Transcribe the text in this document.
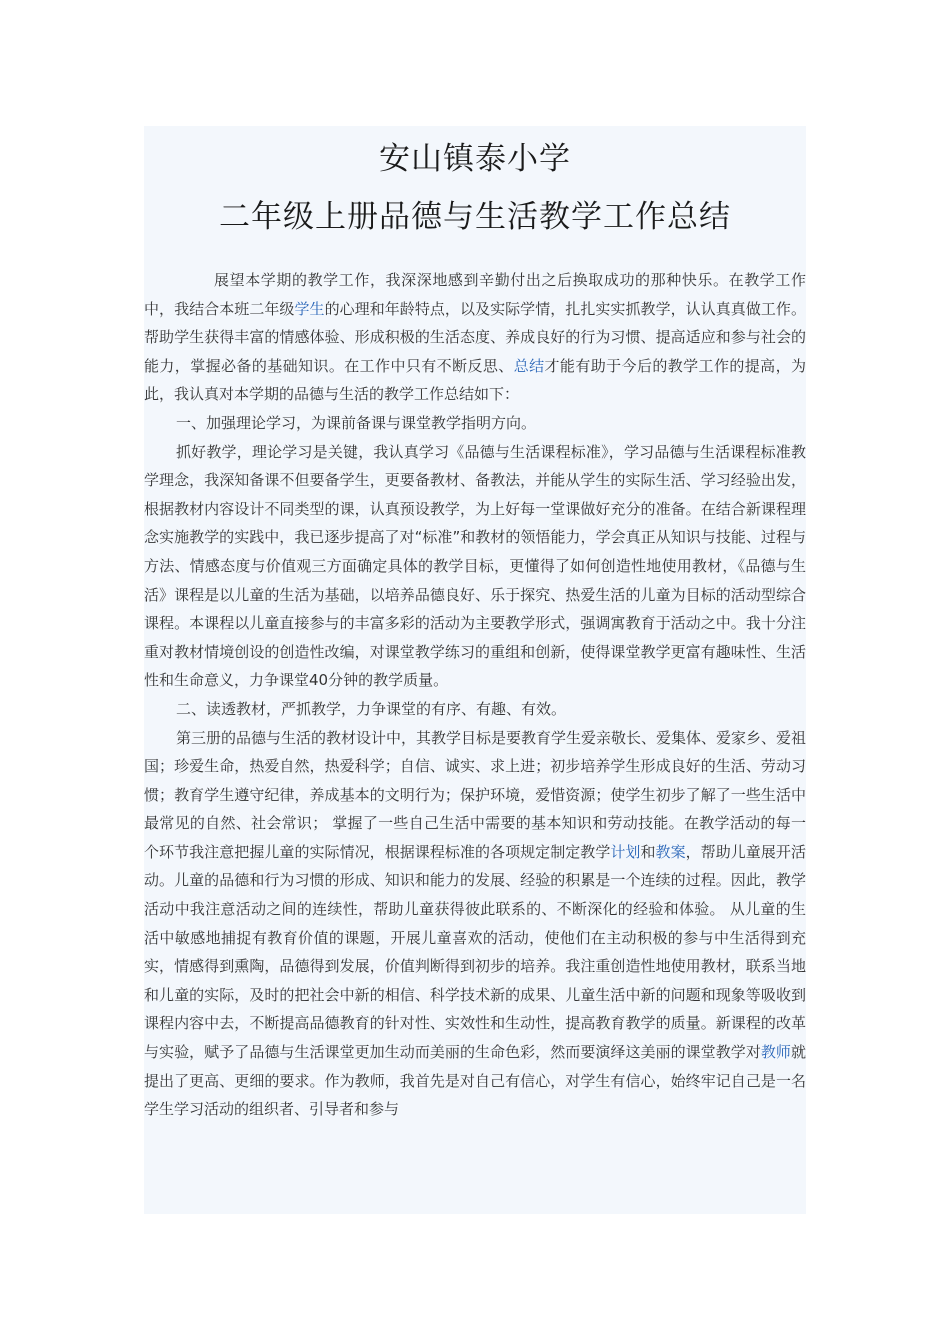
安山镇泰小学
二年级上册品德与生活教学工作总结

展望本学期的教学工作，我深深地感到辛勤付出之后换取成功的那种快乐。在教学工作中，我结合本班二年级学生的心理和年龄特点，以及实际学情，扎扎实实抓教学，认认真真做工作。帮助学生获得丰富的情感体验、形成积极的生活态度、养成良好的行为习惯、提高适应和参与社会的能力，掌握必备的基础知识。在工作中只有不断反思、总结才能有助于今后的教学工作的提高，为此，我认真对本学期的品德与生活的教学工作总结如下：

一、加强理论学习，为课前备课与课堂教学指明方向。

抓好教学，理论学习是关键，我认真学习《品德与生活课程标准》，学习品德与生活课程标准教学理念，我深知备课不但要备学生，更要备教材、备教法，并能从学生的实际生活、学习经验出发，根据教材内容设计不同类型的课，认真预设教学，为上好每一堂课做好充分的准备。在结合新课程理念实施教学的实践中，我已逐步提高了对“标准”和教材的领悟能力，学会真正从知识与技能、过程与方法、情感态度与价值观三方面确定具体的教学目标，更懂得了如何创造性地使用教材，《品德与生活》课程是以儿童的生活为基础，以培养品德良好、乐于探究、热爱生活的儿童为目标的活动型综合课程。本课程以儿童直接参与的丰富多彩的活动为主要教学形式，强调寓教育于活动之中。我十分注重对教材情境创设的创造性改编，对课堂教学练习的重组和创新，使得课堂教学更富有趣味性、生活性和生命意义，力争课堂40分钟的教学质量。

二、读透教材，严抓教学，力争课堂的有序、有趣、有效。

第三册的品德与生活的教材设计中，其教学目标是要教育学生爱亲敬长、爱集体、爱家乡、爱祖国；珍爱生命，热爱自然，热爱科学；自信、诚实、求上进；初步培养学生形成良好的生活、劳动习惯；教育学生遵守纪律，养成基本的文明行为；保护环境，爱惜资源；使学生初步了解了一些生活中最常见的自然、社会常识； 掌握了一些自己生活中需要的基本知识和劳动技能。在教学活动的每一个环节我注意把握儿童的实际情况，根据课程标准的各项规定制定教学计划和教案，帮助儿童展开活动。儿童的品德和行为习惯的形成、知识和能力的发展、经验的积累是一个连续的过程。因此，教学活动中我注意活动之间的连续性，帮助儿童获得彼此联系的、不断深化的经验和体验。 从儿童的生活中敏感地捕捉有教育价值的课题，开展儿童喜欢的活动，使他们在主动积极的参与中生活得到充实，情感得到熏陶，品德得到发展，价值判断得到初步的培养。我注重创造性地使用教材，联系当地和儿童的实际，及时的把社会中新的相信、科学技术新的成果、儿童生活中新的问题和现象等吸收到课程内容中去，不断提高品德教育的针对性、实效性和生动性，提高教育教学的质量。新课程的改革与实验，赋予了品德与生活课堂更加生动而美丽的生命色彩，然而要演绎这美丽的课堂教学对教师就提出了更高、更细的要求。作为教师，我首先是对自己有信心，对学生有信心，始终牢记自己是一名学生学习活动的组织者、引导者和参与
